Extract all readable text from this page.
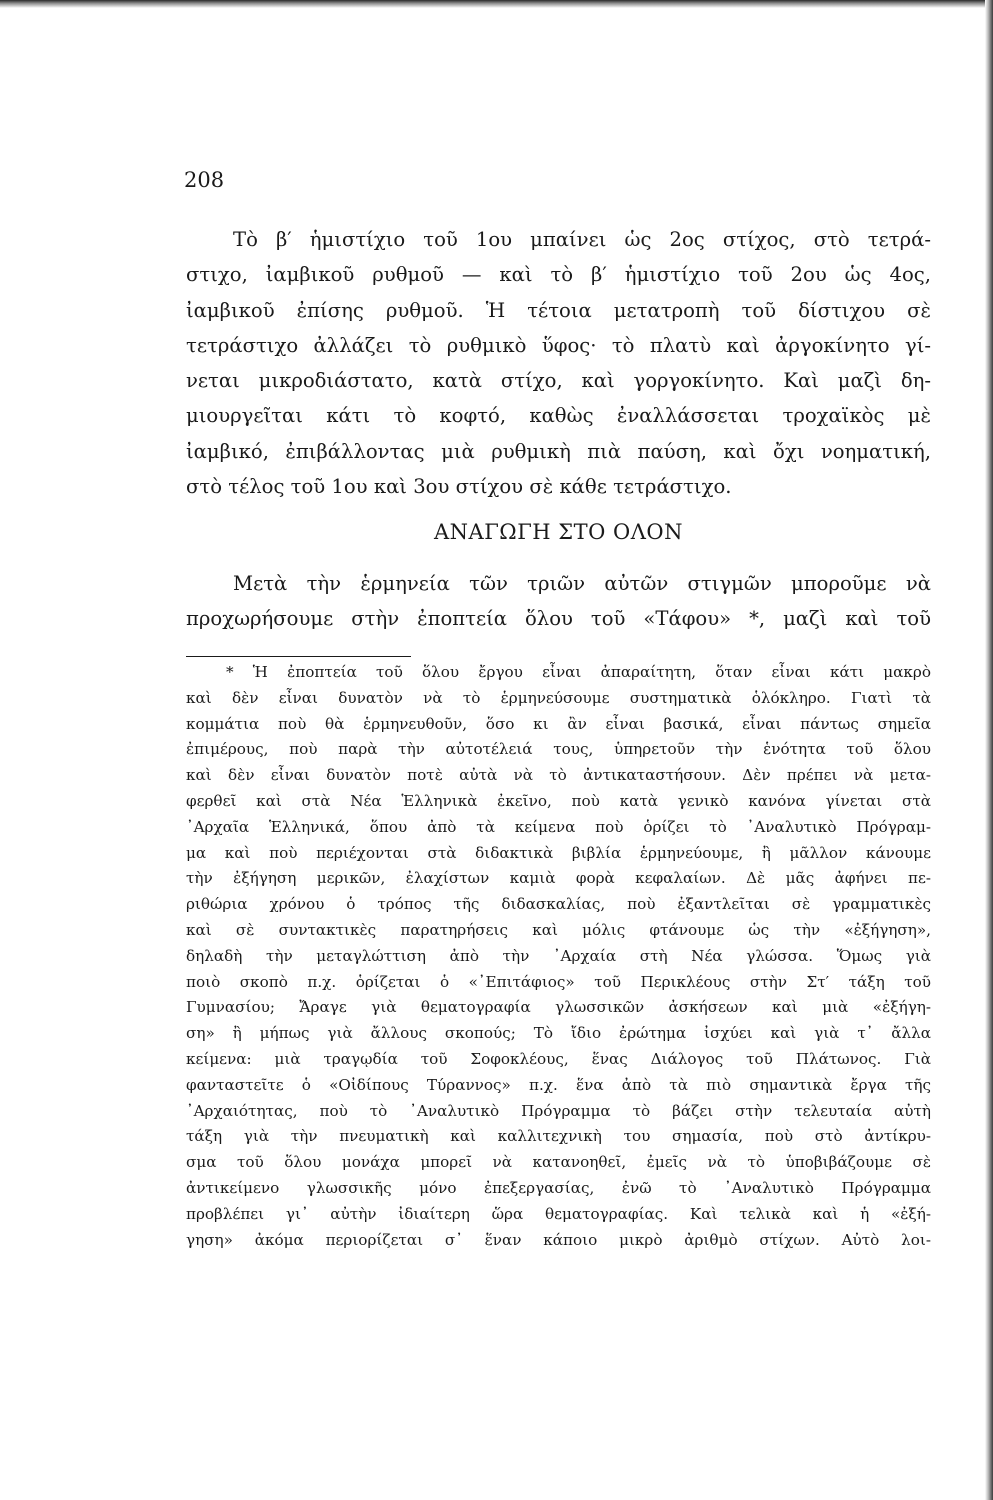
208
Τὸ β′ ἡμιστίχιο τοῦ 1ου μπαίνει ὡς 2ος στίχος, στὸ τετρά-
στιχο, ἰαμβικοῦ ρυθμοῦ — καὶ τὸ β′ ἡμιστίχιο τοῦ 2ου ὡς 4ος,
ἰαμβικοῦ ἐπίσης ρυθμοῦ. Ἡ τέτοια μετατροπὴ τοῦ δίστιχου σὲ
τετράστιχο ἀλλάζει τὸ ρυθμικὸ ὕφος· τὸ πλατὺ καὶ ἀργοκίνητο γί-
νεται μικροδιάστατο, κατὰ στίχο, καὶ γοργοκίνητο. Καὶ μαζὶ δη-
μιουργεῖται κάτι τὸ κοφτό, καθὼς ἐναλλάσσεται τροχαϊκὸς μὲ
ἰαμβικό, ἐπιβάλλοντας μιὰ ρυθμικὴ πιὰ παύση, καὶ ὄχι νοηματική,
στὸ τέλος τοῦ 1ου καὶ 3ου στίχου σὲ κάθε τετράστιχο.
ΑΝΑΓΩΓΗ ΣΤΟ ΟΛΟΝ
Μετὰ τὴν ἑρμηνεία τῶν τριῶν αὐτῶν στιγμῶν μποροῦμε νὰ
προχωρήσουμε στὴν ἐποπτεία ὅλου τοῦ «Τάφου» *, μαζὶ καὶ τοῦ
* Ἡ ἐποπτεία τοῦ ὅλου ἔργου εἶναι ἀπαραίτητη, ὅταν εἶναι κάτι μακρὸ
καὶ δὲν εἶναι δυνατὸν νὰ τὸ ἑρμηνεύσουμε συστηματικὰ ὁλόκληρο. Γιατὶ τὰ
κομμάτια ποὺ θὰ ἑρμηνευθοῦν, ὅσο κι ἂν εἶναι βασικά, εἶναι πάντως σημεῖα
ἐπιμέρους, ποὺ παρὰ τὴν αὐτοτέλειά τους, ὑπηρετοῦν τὴν ἑνότητα τοῦ ὅλου
καὶ δὲν εἶναι δυνατὸν ποτὲ αὐτὰ νὰ τὸ ἀντικαταστήσουν. Δὲν πρέπει νὰ μετα-
φερθεῖ καὶ στὰ Νέα Ἑλληνικὰ ἐκεῖνο, ποὺ κατὰ γενικὸ κανόνα γίνεται στὰ
᾿Αρχαῖα Ἑλληνικά, ὅπου ἀπὸ τὰ κείμενα ποὺ ὁρίζει τὸ ᾿Αναλυτικὸ Πρόγραμ-
μα καὶ ποὺ περιέχονται στὰ διδακτικὰ βιβλία ἑρμηνεύουμε, ἢ μᾶλλον κάνουμε
τὴν ἐξήγηση μερικῶν, ἐλαχίστων καμιὰ φορὰ κεφαλαίων. Δὲ μᾶς ἀφήνει πε-
ριθώρια χρόνου ὁ τρόπος τῆς διδασκαλίας, ποὺ ἐξαντλεῖται σὲ γραμματικὲς
καὶ σὲ συντακτικὲς παρατηρήσεις καὶ μόλις φτάνουμε ὡς τὴν «ἐξήγηση»,
δηλαδὴ τὴν μεταγλώττιση ἀπὸ τὴν ᾿Αρχαία στὴ Νέα γλώσσα. Ὅμως γιὰ
ποιὸ σκοπὸ π.χ. ὁρίζεται ὁ «᾿Επιτάφιος» τοῦ Περικλέους στὴν Στ′ τάξη τοῦ
Γυμνασίου; Ἄραγε γιὰ θεματογραφία γλωσσικῶν ἀσκήσεων καὶ μιὰ «ἐξήγη-
ση» ἢ μήπως γιὰ ἄλλους σκοπούς; Τὸ ἴδιο ἐρώτημα ἰσχύει καὶ γιὰ τ᾿ ἄλλα
κείμενα: μιὰ τραγῳδία τοῦ Σοφοκλέους, ἕνας Διάλογος τοῦ Πλάτωνος. Γιὰ
φανταστεῖτε ὁ «Οἰδίπους Τύραννος» π.χ. ἕνα ἀπὸ τὰ πιὸ σημαντικὰ ἔργα τῆς
᾿Αρχαιότητας, ποὺ τὸ ᾿Αναλυτικὸ Πρόγραμμα τὸ βάζει στὴν τελευταία αὐτὴ
τάξη γιὰ τὴν πνευματικὴ καὶ καλλιτεχνικὴ του σημασία, ποὺ στὸ ἀντίκρυ-
σμα τοῦ ὅλου μονάχα μπορεῖ νὰ κατανοηθεῖ, ἐμεῖς νὰ τὸ ὑποβιβάζουμε σὲ
ἀντικείμενο γλωσσικῆς μόνο ἐπεξεργασίας, ἐνῶ τὸ ᾿Αναλυτικὸ Πρόγραμμα
προβλέπει γι᾿ αὐτὴν ἰδιαίτερη ὥρα θεματογραφίας. Καὶ τελικὰ καὶ ἡ «ἐξή-
γηση» ἀκόμα περιορίζεται σ᾿ ἕναν κάποιο μικρὸ ἀριθμὸ στίχων. Αὐτὸ λοι-
